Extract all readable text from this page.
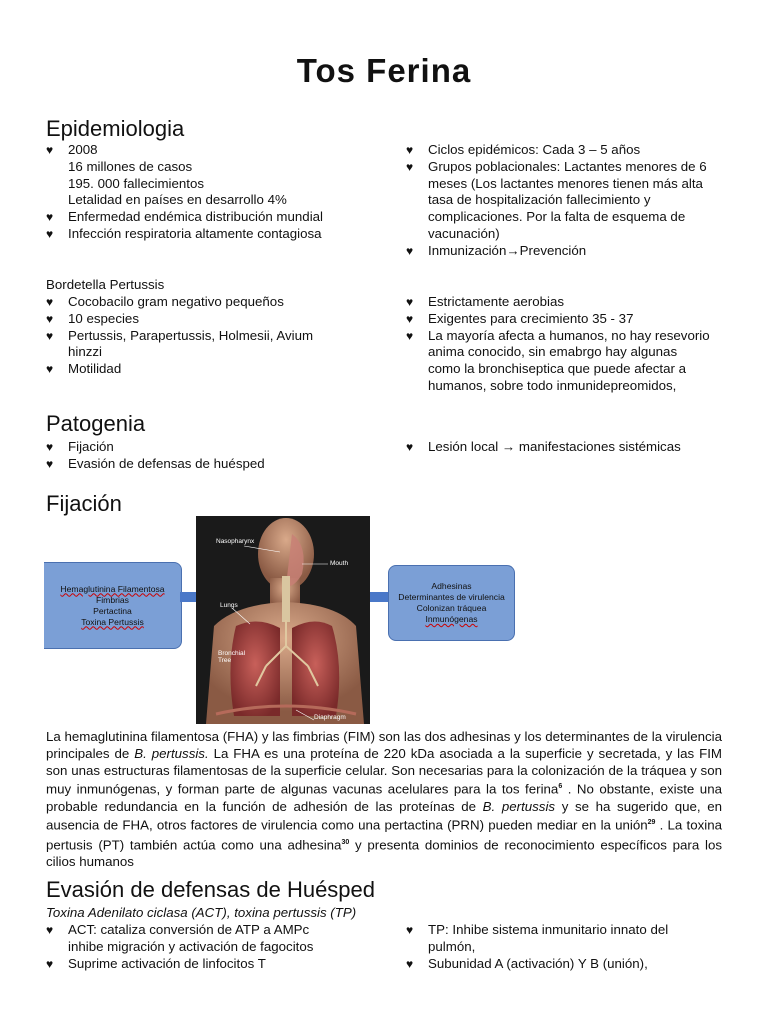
Tos Ferina
Epidemiologia
♥ 2008
16 millones de casos
195. 000 fallecimientos
Letalidad en países en desarrollo 4%
♥ Enfermedad endémica distribución mundial
♥ Infección respiratoria altamente contagiosa
♥ Ciclos epidémicos: Cada 3 – 5 años
♥ Grupos poblacionales: Lactantes menores de 6
meses (Los lactantes menores tienen más alta
tasa de hospitalización fallecimiento y
complicaciones. Por la falta de esquema de
vacunación)
♥ Inmunización→Prevención

Bordetella Pertussis

♥ Cocobacilo gram negativo pequeños
♥ 10 especies
♥ Pertussis, Parapertussis, Holmesii, Avium
hinzzi
♥ Motilidad
♥ Estrictamente aerobias
♥ Exigentes para crecimiento 35 - 37
♥ La mayoría afecta a humanos, no hay resevorio
anima conocido, sin emabrgo hay algunas
como la bronchiseptica que puede afectar a
humanos, sobre todo inmunidepreomidos,
Patogenia
♥ Fijación
♥ Evasión de defensas de huésped
♥ Lesión local → manifestaciones sistémicas
Fijación
Hemaglutinina Filamentosa
Fimbrias
Pertactina
Toxina Pertussis
Nasopharynx
Mouth
Lungs
Bronchial
Tree
Diaphragm
Adhesinas
Determinantes de virulencia
Colonizan tráquea
Inmunógenas

La hemaglutinina filamentosa (FHA) y las fimbrias (FIM) son las dos adhesinas y los determinantes de la virulencia principales de B. pertussis. La FHA es una proteína de 220 kDa asociada a la superficie y secretada, y las FIM son unas estructuras filamentosas de la superficie celular. Son necesarias para la colonización de la tráquea y son muy inmunógenas, y forman parte de algunas vacunas acelulares para la tos ferina$^6$ . No obstante, existe una probable redundancia en la función de adhesión de las proteínas de B. pertussis y se ha sugerido que, en ausencia de FHA, otros factores de virulencia como una pertactina (PRN) pueden mediar en la unión$^{29}$ . La toxina pertusis (PT) también actúa como una adhesina$^{30}$ y presenta dominios de reconocimiento específicos para los cilios humanos

Evasión de defensas de Huésped

Toxina Adenilato ciclasa (ACT), toxina pertussis (TP)

♥ ACT: cataliza conversión de ATP a AMPc
inhibe migración y activación de fagocitos
♥ Suprime activación de linfocitos T
♥ TP: Inhibe sistema inmunitario innato del
pulmón,
♥ Subunidad A (activación) Y B (unión),
